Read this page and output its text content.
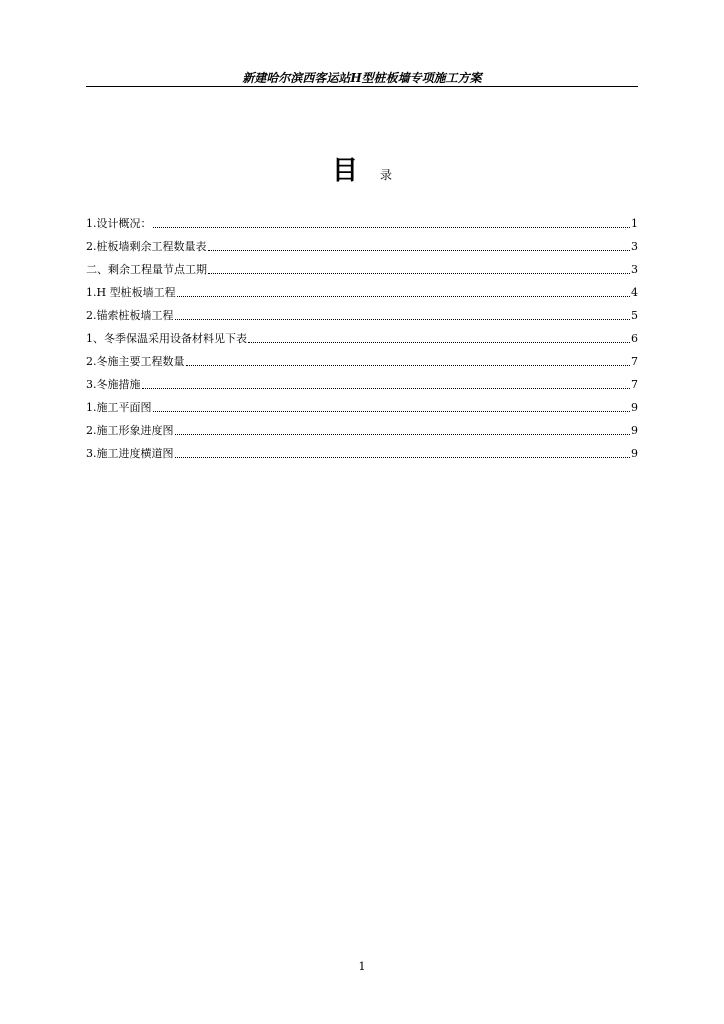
新建哈尔滨西客运站H型桩板墙专项施工方案
目 录
1.设计概况：	1
2.桩板墙剩余工程数量表	3
二、剩余工程量节点工期	3
1.H 型桩板墙工程	4
2.锚索桩板墙工程	5
1、冬季保温采用设备材料见下表	6
2.冬施主要工程数量	7
3.冬施措施	7
1.施工平面图	9
2.施工形象进度图	9
3.施工进度横道图	9
1
